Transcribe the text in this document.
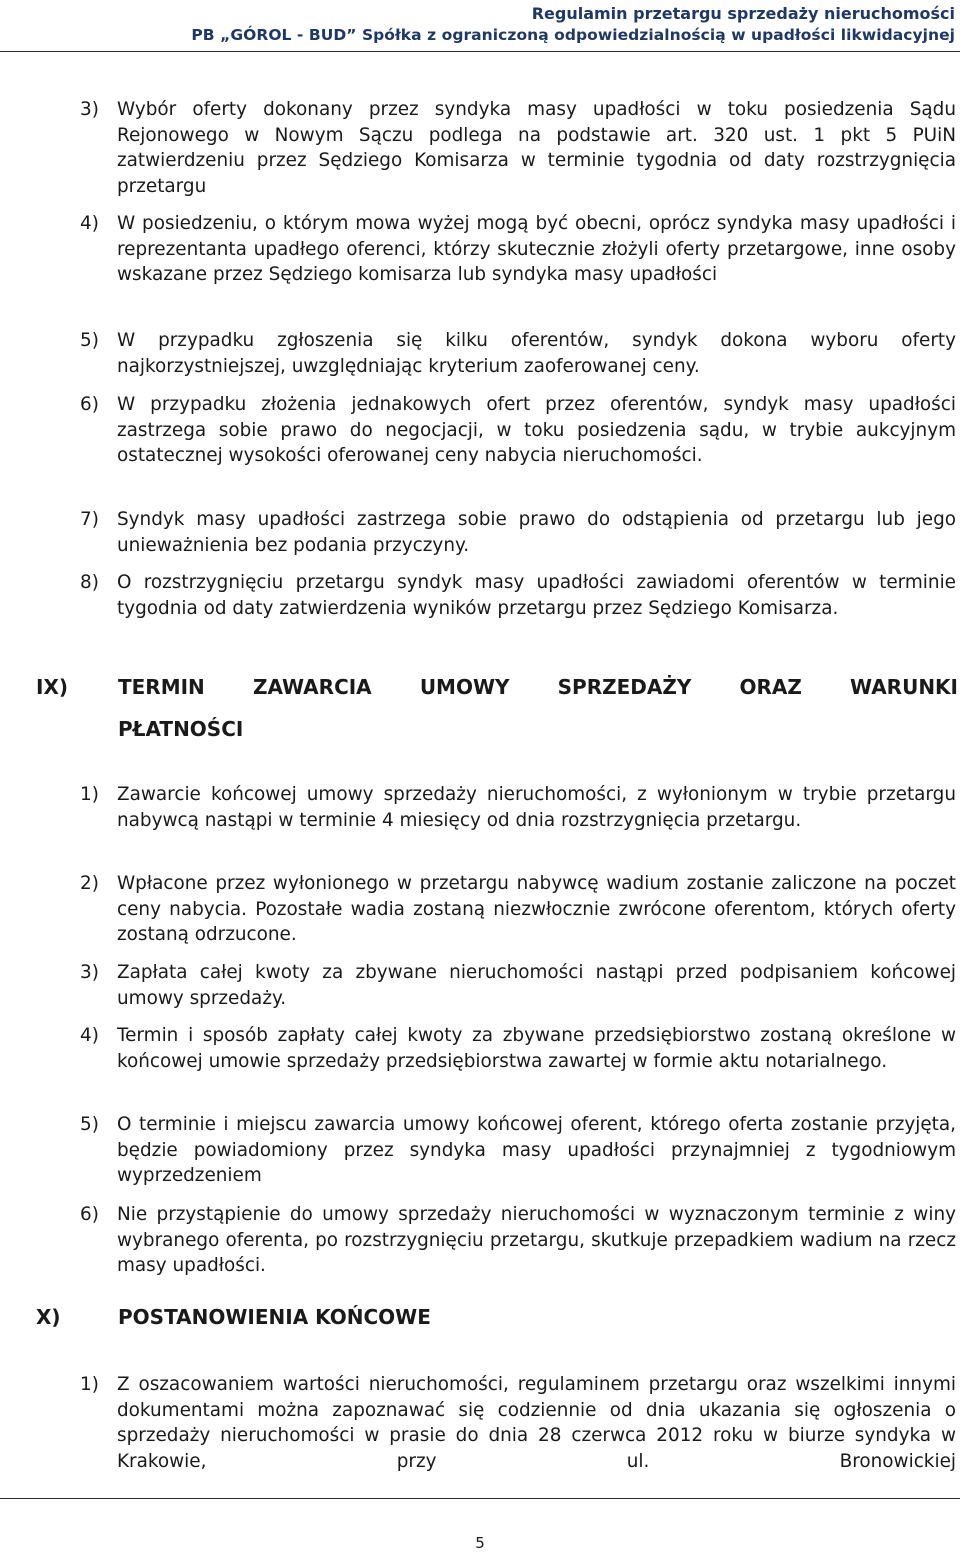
Regulamin przetargu sprzedaży nieruchomości
PB „GÓROL - BUD” Spółka z ograniczoną odpowiedzialnością w upadłości likwidacyjnej
3) Wybór oferty dokonany przez syndyka masy upadłości w toku posiedzenia Sądu Rejonowego w Nowym Sączu podlega na podstawie art. 320 ust. 1 pkt 5 PUiN zatwierdzeniu przez Sędziego Komisarza w terminie tygodnia od daty rozstrzygnięcia przetargu
4) W posiedzeniu, o którym mowa wyżej mogą być obecni, oprócz syndyka masy upadłości i reprezentanta upadłego oferenci, którzy skutecznie złożyli oferty przetargowe, inne osoby wskazane przez Sędziego komisarza lub syndyka masy upadłości
5) W przypadku zgłoszenia się kilku oferentów, syndyk dokona wyboru oferty najkorzystniejszej, uwzględniając kryterium zaoferowanej ceny.
6) W przypadku złożenia jednakowych ofert przez oferentów, syndyk masy upadłości zastrzega sobie prawo do negocjacji, w toku posiedzenia sądu, w trybie aukcyjnym ostatecznej wysokości oferowanej ceny nabycia nieruchomości.
7) Syndyk masy upadłości zastrzega sobie prawo do odstąpienia od przetargu lub jego unieważnienia bez podania przyczyny.
8) O rozstrzygnięciu przetargu syndyk masy upadłości zawiadomi oferentów w terminie tygodnia od daty zatwierdzenia wyników przetargu przez Sędziego Komisarza.
IX) TERMIN ZAWARCIA UMOWY SPRZEDAŻY ORAZ WARUNKI
PŁATNOŚCI
1) Zawarcie końcowej umowy sprzedaży nieruchomości, z wyłonionym w trybie przetargu nabywcą nastąpi w terminie 4 miesięcy od dnia rozstrzygnięcia przetargu.
2) Wpłacone przez wyłonionego w przetargu nabywcę wadium zostanie zaliczone na poczet ceny nabycia. Pozostałe wadia zostaną niezwłocznie zwrócone oferentom, których oferty zostaną odrzucone.
3) Zapłata całej kwoty za zbywane nieruchomości nastąpi przed podpisaniem końcowej umowy sprzedaży.
4) Termin i sposób zapłaty całej kwoty za zbywane przedsiębiorstwo zostaną określone w końcowej umowie sprzedaży przedsiębiorstwa zawartej w formie aktu notarialnego.
5) O terminie i miejscu zawarcia umowy końcowej oferent, którego oferta zostanie przyjęta, będzie powiadomiony przez syndyka masy upadłości przynajmniej z tygodniowym wyprzedzeniem
6) Nie przystąpienie do umowy sprzedaży nieruchomości w wyznaczonym terminie z winy wybranego oferenta, po rozstrzygnięciu przetargu, skutkuje przepadkiem wadium na rzecz masy upadłości.
X)	POSTANOWIENIA KOŃCOWE
1) Z oszacowaniem wartości nieruchomości, regulaminem przetargu oraz wszelkimi innymi dokumentami można zapoznawać się codziennie od dnia ukazania się ogłoszenia o sprzedaży nieruchomości w prasie do dnia 28 czerwca 2012 roku w biurze syndyka w Krakowie, przy ul. Bronowickiej
5
